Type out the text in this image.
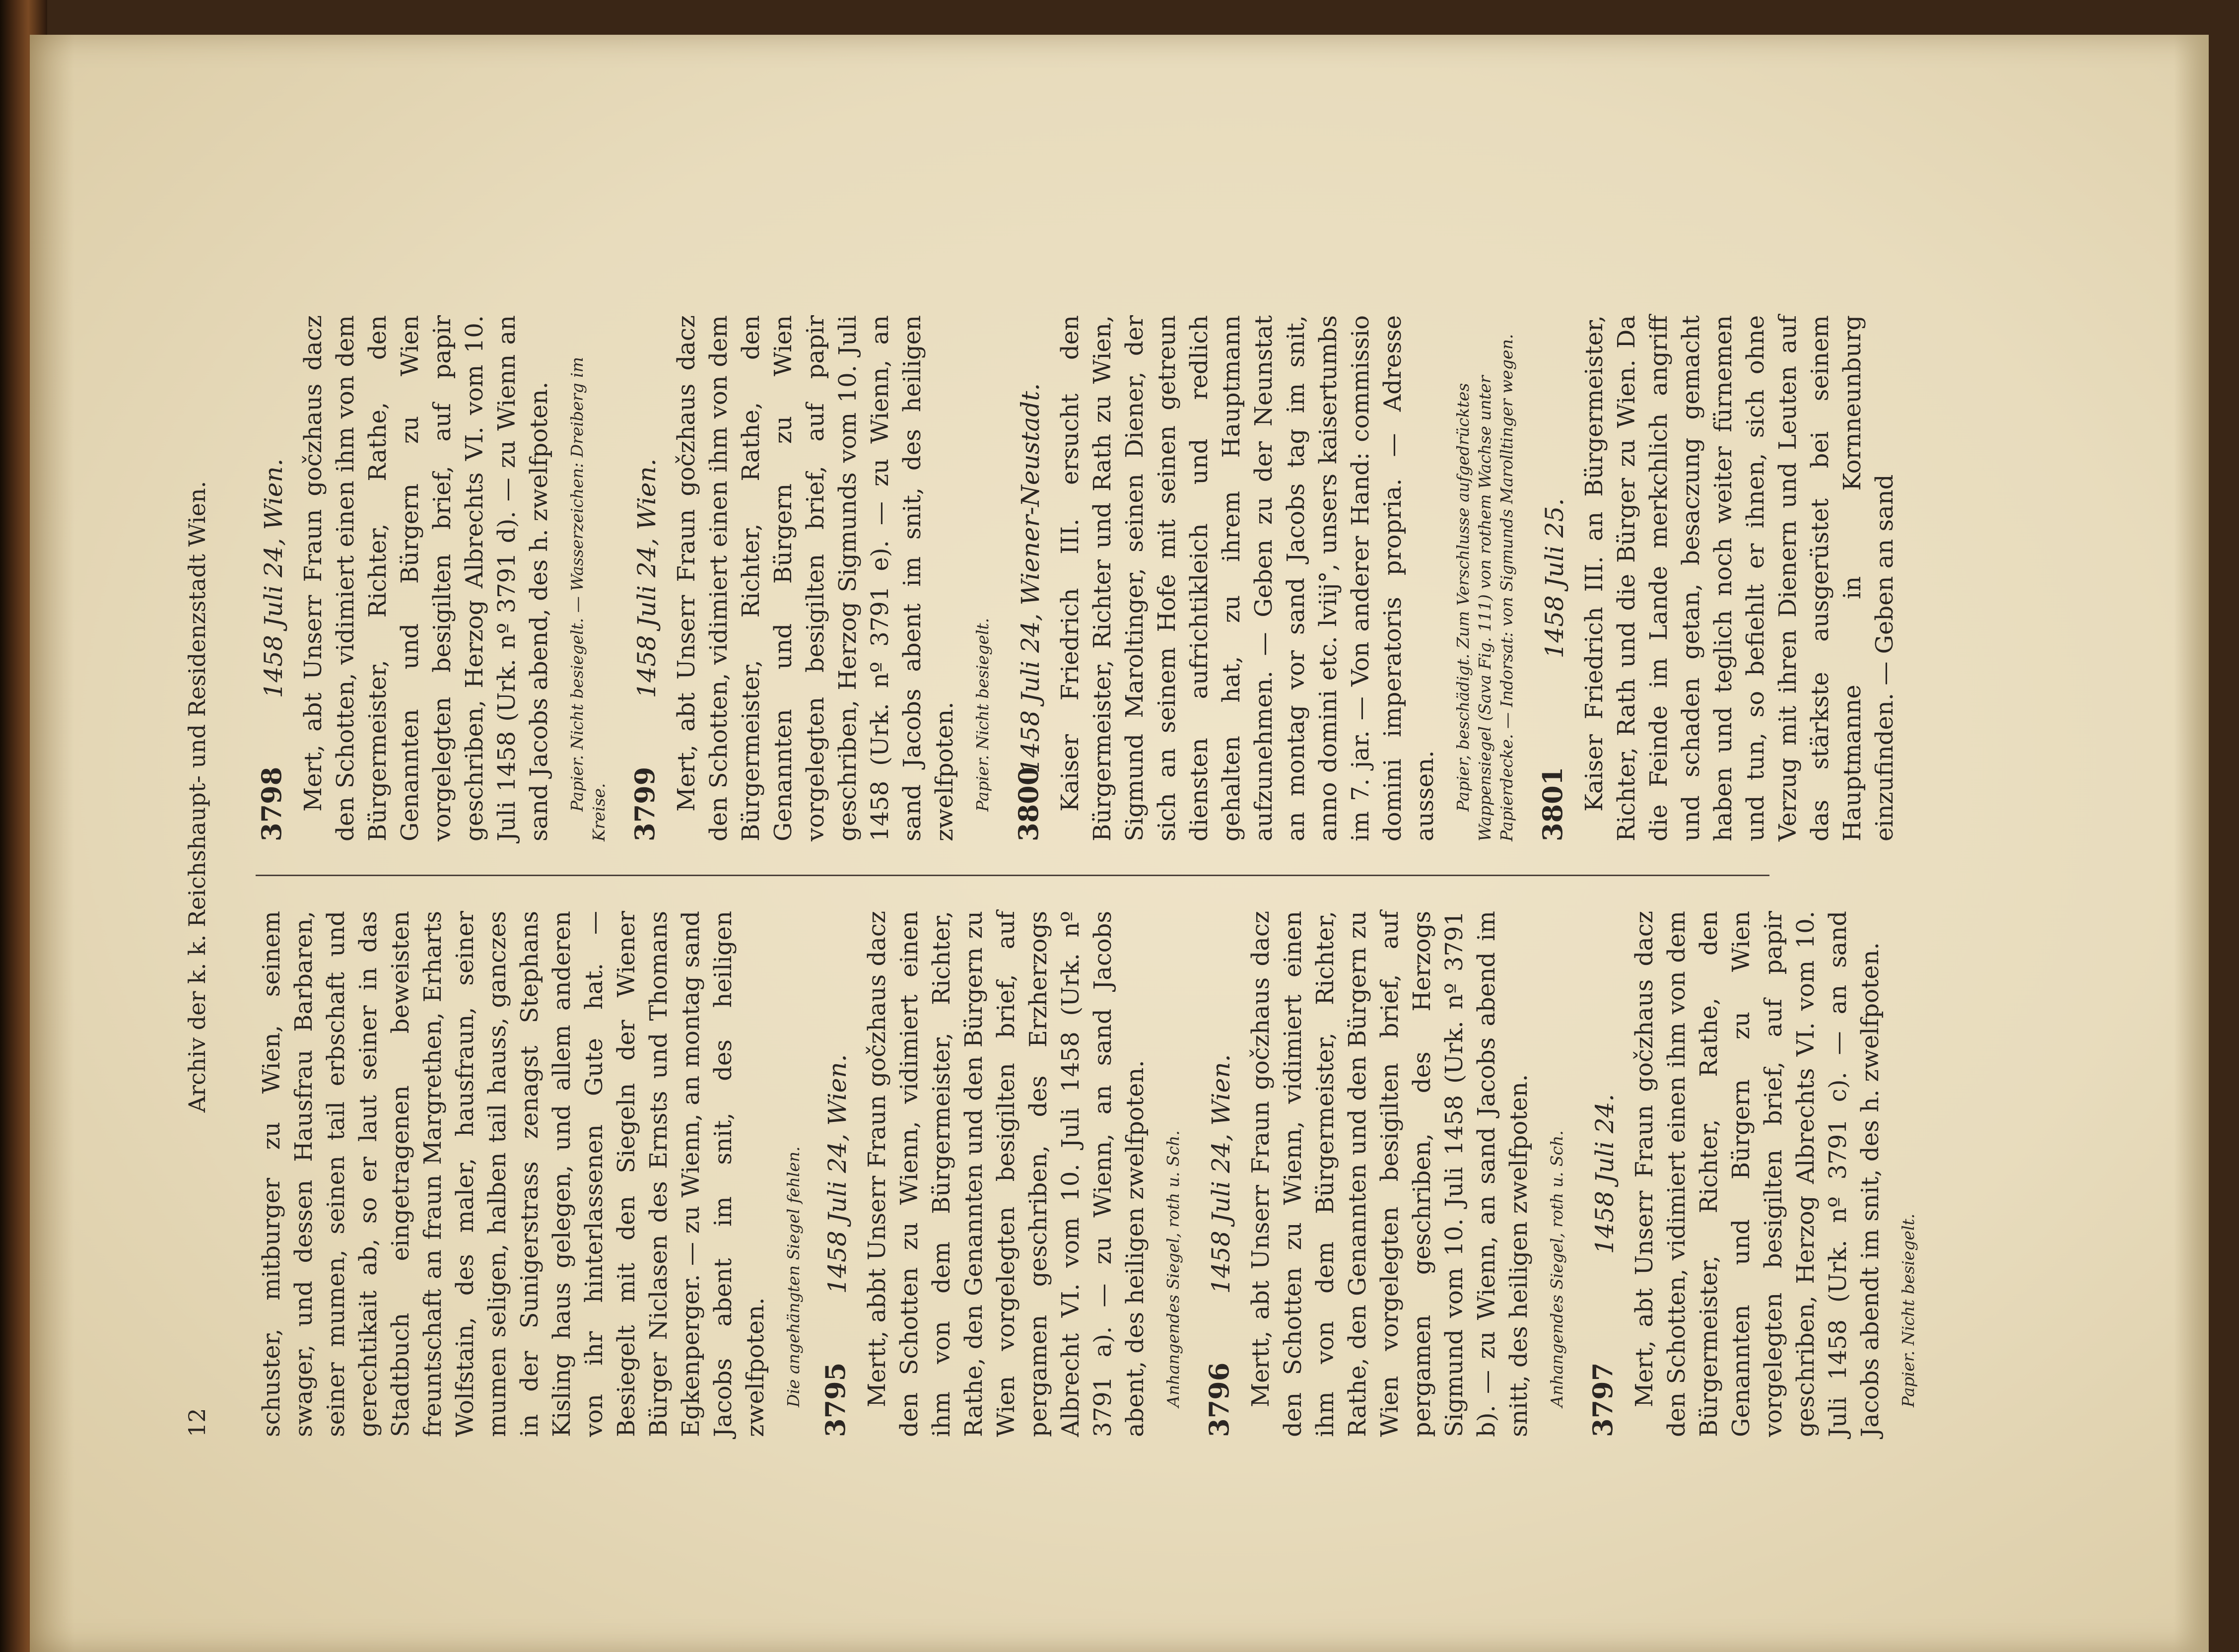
12
Archiv der k. k. Reichshaupt- und Residenzstadt Wien.

schuster, mitburger zu Wien, seinem swager, und dessen Hausfrau Barbaren, seiner mumen, seinen tail erbschaft und gerechtikait ab, so er laut seiner in das Stadtbuch eingetragenen beweisten freuntschaft an fraun Margrethen, Erharts Wolfstain, des maler, hausfraun, seiner mumen seligen, halben tail hauss, ganczes in der Sunigerstrass zenagst Stephans Kisling haus gelegen, und allem anderen von ihr hinterlassenen Gute hat. — Besiegelt mit den Siegeln der Wiener Bürger Niclasen des Ernsts und Thomans Egkenperger. — zu Wienn, an montag sand Jacobs abent im snit, des heiligen zwelfpoten. Die angehängten Siegel fehlen. 3795
1458 Juli 24, Wien. Mertt, abbt Unserr Fraun gočzhaus dacz den Schotten zu Wienn, vidimiert einen ihm von dem Bürgermeister, Richter, Rathe, den Genannten und den Bürgern zu Wien vorgelegten besigilten brief, auf pergamen geschriben, des Erzherzogs Albrecht VI. vom 10. Juli 1458 (Urk. nº 3791 a). — zu Wienn, an sand Jacobs abent, des heiligen zwelfpoten. Anhangendes Siegel, roth u. Sch. 3796
1458 Juli 24, Wien. Mertt, abt Unserr Fraun gočzhaus dacz den Schotten zu Wienn, vidimiert einen ihm von dem Bürgermeister, Richter, Rathe, den Genannten und den Bürgern zu Wien vorgelegten besigilten brief, auf pergamen geschriben, des Herzogs Sigmund vom 10. Juli 1458 (Urk. nº 3791 b). — zu Wienn, an sand Jacobs abend im snitt, des heiligen zwelfpoten. Anhangendes Siegel, roth u. Sch. 3797
1458 Juli 24. Mert, abt Unserr Fraun gočzhaus dacz den Schotten, vidimiert einen ihm von dem Bürgermeister, Richter, Rathe, den Genannten und Bürgern zu Wien vorgelegten besigilten brief, auf papir geschriben, Herzog Albrechts VI. vom 10. Juli 1458 (Urk. nº 3791 c). — an sand Jacobs abendt im snit, des h. zwelfpoten. Papier. Nicht besiegelt.

3798
1458 Juli 24, Wien. Mert, abt Unserr Fraun gočzhaus dacz den Schotten, vidimiert einen ihm von dem Bürgermeister, Richter, Rathe, den Genannten und Bürgern zu Wien vorgelegten besigilten brief, auf papir geschriben, Herzog Albrechts VI. vom 10. Juli 1458 (Urk. nº 3791 d). — zu Wienn an sand Jacobs abend, des h. zwelfpoten. Papier. Nicht besiegelt. — Wasserzeichen: Dreiberg im Kreise. 3799
1458 Juli 24, Wien. Mert, abt Unserr Fraun gočzhaus dacz den Schotten, vidimiert einen ihm von dem Bürgermeister, Richter, Rathe, den Genannten und Bürgern zu Wien vorgelegten besigilten brief, auf papir geschriben, Herzog Sigmunds vom 10. Juli 1458 (Urk. nº 3791 e). — zu Wienn, an sand Jacobs abent im snit, des heiligen zwelfpoten. Papier. Nicht besiegelt. 3800
1458 Juli 24, Wiener-Neustadt. Kaiser Friedrich III. ersucht den Bürgermeister, Richter und Rath zu Wien, Sigmund Maroltinger, seinen Diener, der sich an seinem Hofe mit seinen getreun diensten aufrichtikleich und redlich gehalten hat, zu ihrem Hauptmann aufzunehmen. — Geben zu der Neunstat an montag vor sand Jacobs tag im snit, anno domini etc. lviij°, unsers kaisertumbs im 7. jar. — Von anderer Hand: commissio domini imperatoris propria. — Adresse aussen. Papier, beschädigt. Zum Verschlusse aufgedrücktes Wappensiegel (Sava Fig. 111) von rothem Wachse unter Papierdecke. — Indorsat: von Sigmunds Marolltinger wegen. 3801
1458 Juli 25. Kaiser Friedrich III. an Bürgermeister, Richter, Rath und die Bürger zu Wien. Da die Feinde im Lande merkchlich angriff und schaden getan, besaczung gemacht haben und teglich noch weiter fürnemen und tun, so befiehlt er ihnen, sich ohne Verzug mit ihren Dienern und Leuten auf das stärkste ausgerüstet bei seinem Hauptmanne in Kornneunburg einzufinden. — Geben an sand
